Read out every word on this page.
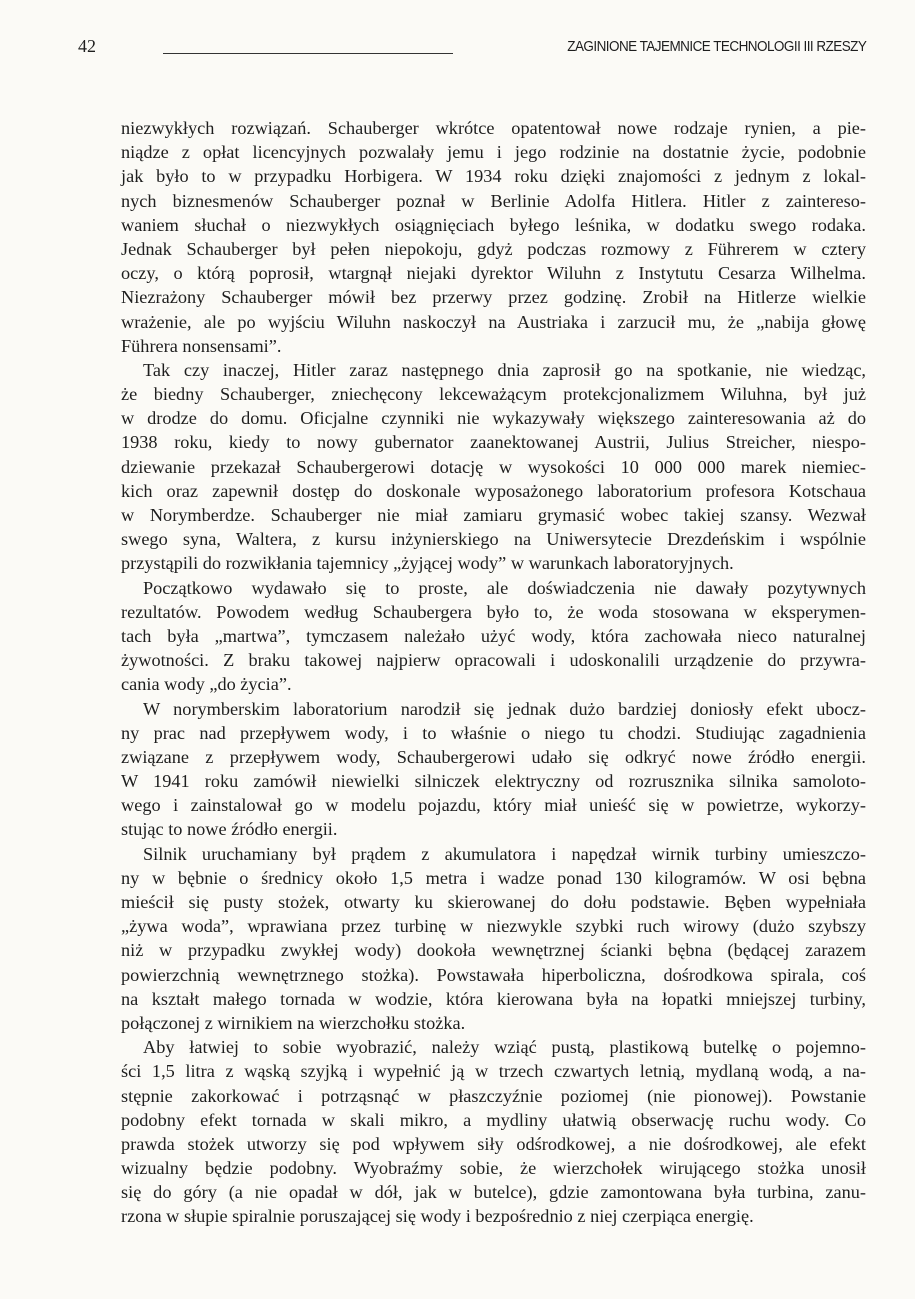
42	ZAGINIONE TAJEMNICE TECHNOLOGII III RZESZY
niezwykłych rozwiązań. Schauberger wkrótce opatentował nowe rodzaje rynien, a pie-
niądze z opłat licencyjnych pozwalały jemu i jego rodzinie na dostatnie życie, podobnie
jak było to w przypadku Horbigera. W 1934 roku dzięki znajomości z jednym z lokal-
nych biznesmenów Schauberger poznał w Berlinie Adolfa Hitlera. Hitler z zaintereso-
waniem słuchał o niezwykłych osiągnięciach byłego leśnika, w dodatku swego rodaka.
Jednak Schauberger był pełen niepokoju, gdyż podczas rozmowy z Führerem w cztery
oczy, o którą poprosił, wtargnął niejaki dyrektor Wiluhn z Instytutu Cesarza Wilhelma.
Niezrażony Schauberger mówił bez przerwy przez godzinę. Zrobił na Hitlerze wielkie
wrażenie, ale po wyjściu Wiluhn naskoczył na Austriaka i zarzucił mu, że „nabija głowę
Führera nonsensami”.
Tak czy inaczej, Hitler zaraz następnego dnia zaprosił go na spotkanie, nie wiedząc,
że biedny Schauberger, zniechęcony lekceważącym protekcjonalizmem Wiluhna, był już
w drodze do domu. Oficjalne czynniki nie wykazywały większego zainteresowania aż do
1938 roku, kiedy to nowy gubernator zaanektowanej Austrii, Julius Streicher, niespo-
dziewanie przekazał Schaubergerowi dotację w wysokości 10 000 000 marek niemiec-
kich oraz zapewnił dostęp do doskonale wyposażonego laboratorium profesora Kotschaua
w Norymberdze. Schauberger nie miał zamiaru grymasić wobec takiej szansy. Wezwał
swego syna, Waltera, z kursu inżynierskiego na Uniwersytecie Drezdeńskim i wspólnie
przystąpili do rozwikłania tajemnicy „żyjącej wody” w warunkach laboratoryjnych.
Początkowo wydawało się to proste, ale doświadczenia nie dawały pozytywnych
rezultatów. Powodem według Schaubergera było to, że woda stosowana w eksperymen-
tach była „martwa”, tymczasem należało użyć wody, która zachowała nieco naturalnej
żywotności. Z braku takowej najpierw opracowali i udoskonalili urządzenie do przywra-
cania wody „do życia”.
W norymberskim laboratorium narodził się jednak dużo bardziej doniosły efekt ubocz-
ny prac nad przepływem wody, i to właśnie o niego tu chodzi. Studiując zagadnienia
związane z przepływem wody, Schaubergerowi udało się odkryć nowe źródło energii.
W 1941 roku zamówił niewielki silniczek elektryczny od rozrusznika silnika samoloto-
wego i zainstalował go w modelu pojazdu, który miał unieść się w powietrze, wykorzy-
stując to nowe źródło energii.
Silnik uruchamiany był prądem z akumulatora i napędzał wirnik turbiny umieszczo-
ny w bębnie o średnicy około 1,5 metra i wadze ponad 130 kilogramów. W osi bębna
mieścił się pusty stożek, otwarty ku skierowanej do dołu podstawie. Bęben wypełniała
„żywa woda”, wprawiana przez turbinę w niezwykle szybki ruch wirowy (dużo szybszy
niż w przypadku zwykłej wody) dookoła wewnętrznej ścianki bębna (będącej zarazem
powierzchnią wewnętrznego stożka). Powstawała hiperboliczna, dośrodkowa spirala, coś
na kształt małego tornada w wodzie, która kierowana była na łopatki mniejszej turbiny,
połączonej z wirnikiem na wierzchołku stożka.
Aby łatwiej to sobie wyobrazić, należy wziąć pustą, plastikową butelkę o pojemno-
ści 1,5 litra z wąską szyjką i wypełnić ją w trzech czwartych letnią, mydlaną wodą, a na-
stępnie zakorkować i potrząsnąć w płaszczyźnie poziomej (nie pionowej). Powstanie
podobny efekt tornada w skali mikro, a mydliny ułatwią obserwację ruchu wody. Co
prawda stożek utworzy się pod wpływem siły odśrodkowej, a nie dośrodkowej, ale efekt
wizualny będzie podobny. Wyobraźmy sobie, że wierzchołek wirującego stożka unosił
się do góry (a nie opadał w dół, jak w butelce), gdzie zamontowana była turbina, zanu-
rzona w słupie spiralnie poruszającej się wody i bezpośrednio z niej czerpiąca energię.
